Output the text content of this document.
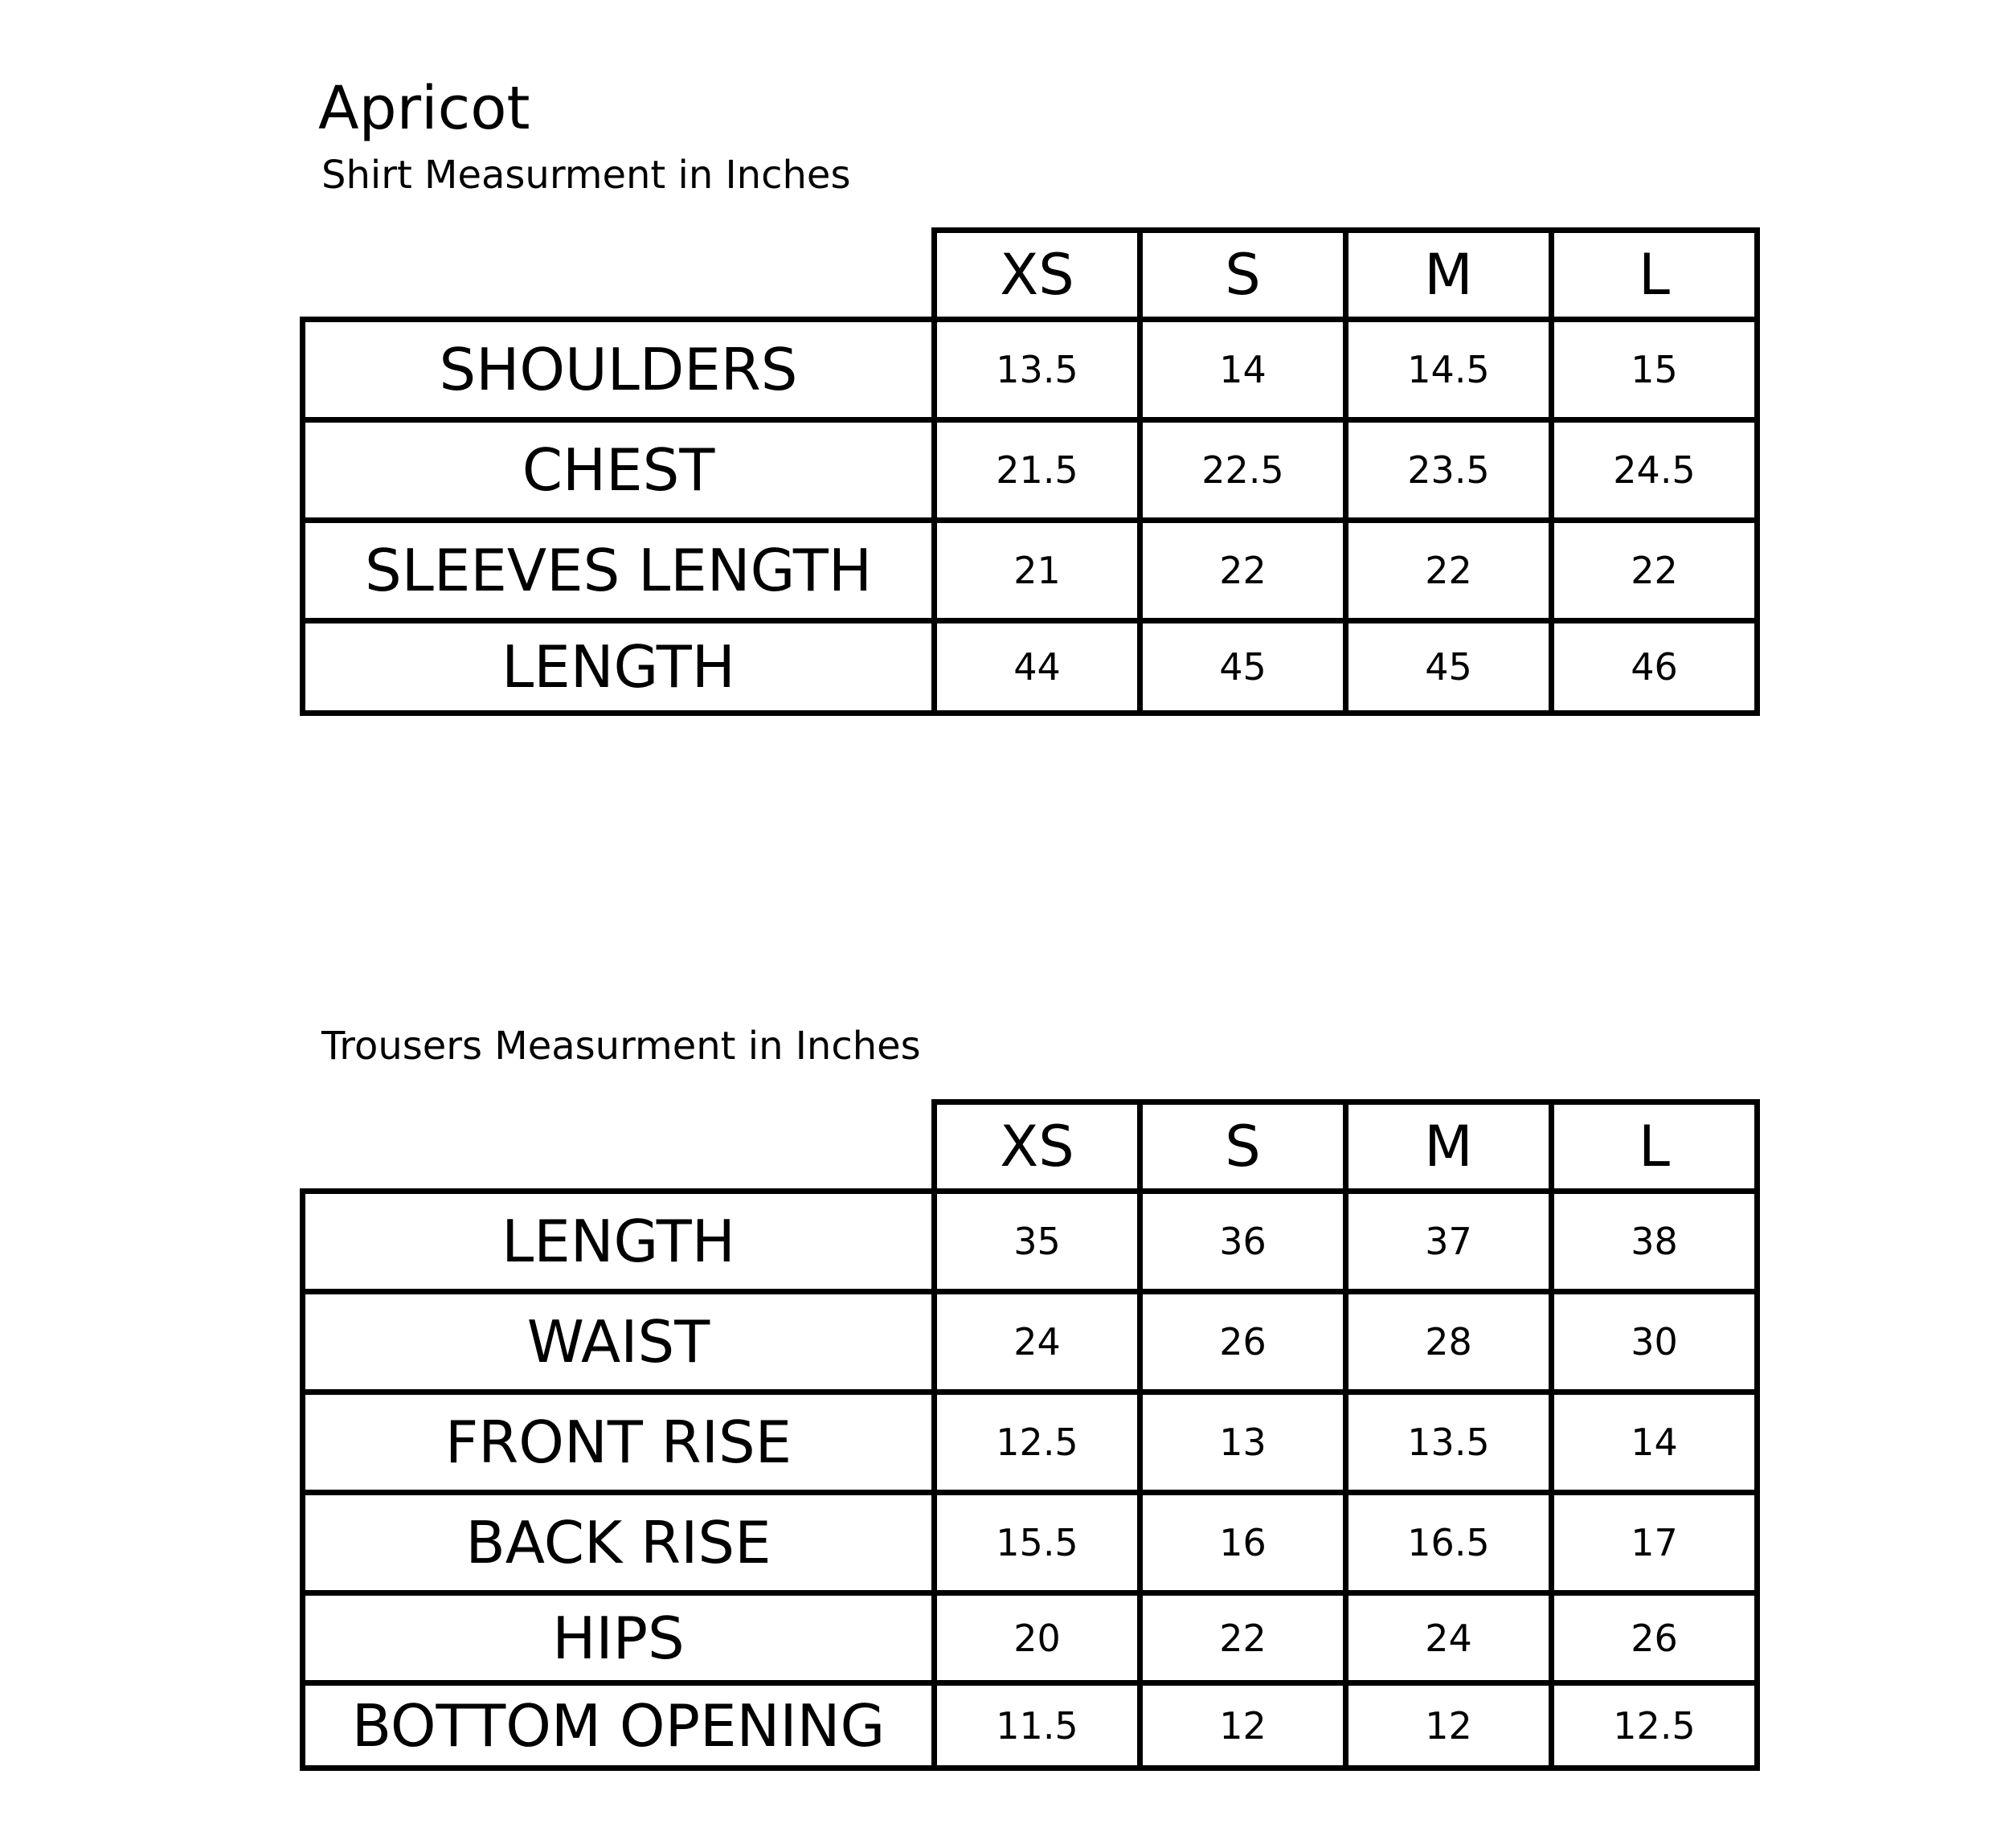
Apricot
Shirt Measurment in Inches
	XS	S	M	L
SHOULDERS	13.5	14	14.5	15
CHEST	21.5	22.5	23.5	24.5
SLEEVES LENGTH	21	22	22	22
LENGTH	44	45	45	46
Trousers Measurment in Inches
	XS	S	M	L
LENGTH	35	36	37	38
WAIST	24	26	28	30
FRONT RISE	12.5	13	13.5	14
BACK RISE	15.5	16	16.5	17
HIPS	20	22	24	26
BOTTOM OPENING	11.5	12	12	12.5
